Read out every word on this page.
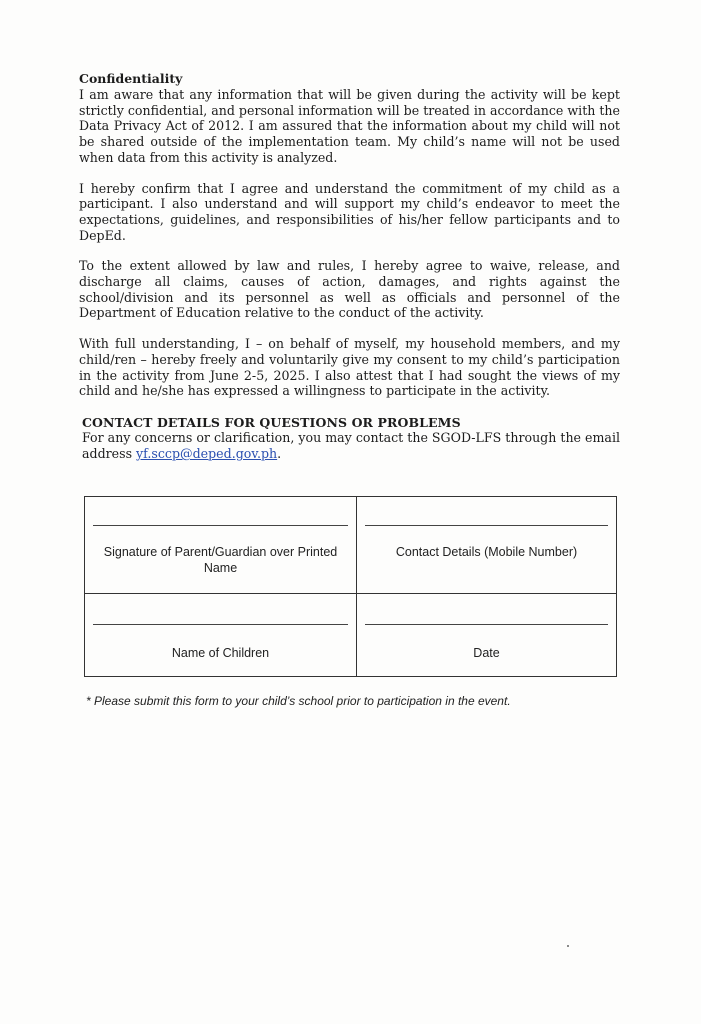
Confidentiality

I am aware that any information that will be given during the activity will be kept strictly confidential, and personal information will be treated in accordance with the Data Privacy Act of 2012. I am assured that the information about my child will not be shared outside of the implementation team. My child’s name will not be used when data from this activity is analyzed.

I hereby confirm that I agree and understand the commitment of my child as a participant. I also understand and will support my child’s endeavor to meet the expectations, guidelines, and responsibilities of his/her fellow participants and to DepEd.

To the extent allowed by law and rules, I hereby agree to waive, release, and discharge all claims, causes of action, damages, and rights against the school/division and its personnel as well as officials and personnel of the Department of Education relative to the conduct of the activity.

With full understanding, I – on behalf of myself, my household members, and my child/ren – hereby freely and voluntarily give my consent to my child’s participation in the activity from June 2-5, 2025. I also attest that I had sought the views of my child and he/she has expressed a willingness to participate in the activity.

CONTACT DETAILS FOR QUESTIONS OR PROBLEMS

For any concerns or clarification, you may contact the SGOD-LFS through the email address yf.sccp@deped.gov.ph.

Signature of Parent/Guardian over Printed Name	Contact Details (Mobile Number)

Name of Children	Date
* Please submit this form to your child’s school prior to participation in the event.
